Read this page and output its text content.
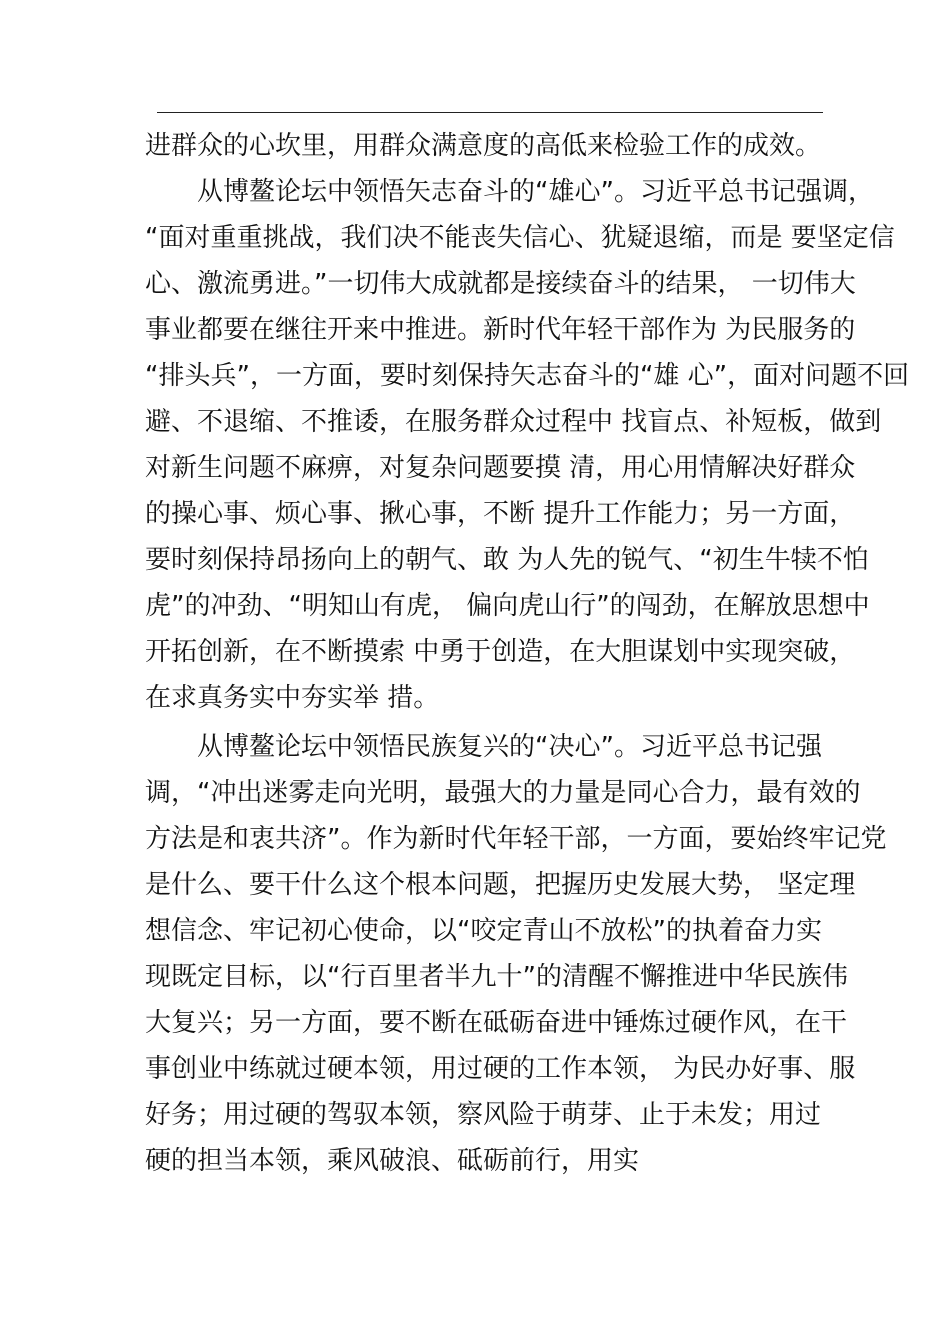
进群众的心坎里，用群众满意度的高低来检验工作的成效。
　　从博鳌论坛中领悟矢志奋斗的“雄心”。习近平总书记强调，
“面对重重挑战，我们决不能丧失信心、犹疑退缩，而是 要坚定信
心、激流勇进。”一切伟大成就都是接续奋斗的结果， 一切伟大
事业都要在继往开来中推进。新时代年轻干部作为 为民服务的
“排头兵”，一方面，要时刻保持矢志奋斗的“雄 心”，面对问题不回
避、不退缩、不推诿，在服务群众过程中 找盲点、补短板，做到
对新生问题不麻痹，对复杂问题要摸 清，用心用情解决好群众
的操心事、烦心事、揪心事，不断 提升工作能力；另一方面，
要时刻保持昂扬向上的朝气、敢 为人先的锐气、“初生牛犊不怕
虎”的冲劲、“明知山有虎， 偏向虎山行”的闯劲，在解放思想中
开拓创新，在不断摸索 中勇于创造，在大胆谋划中实现突破，
在求真务实中夯实举 措。
　　从博鳌论坛中领悟民族复兴的“决心”。习近平总书记强
调，“冲出迷雾走向光明，最强大的力量是同心合力，最有效的
方法是和衷共济”。作为新时代年轻干部，一方面，要始终牢记党
是什么、要干什么这个根本问题，把握历史发展大势， 坚定理
想信念、牢记初心使命，以“咬定青山不放松”的执着奋力实
现既定目标，以“行百里者半九十”的清醒不懈推进中华民族伟
大复兴；另一方面，要不断在砥砺奋进中锤炼过硬作风，在干
事创业中练就过硬本领，用过硬的工作本领， 为民办好事、服
好务；用过硬的驾驭本领，察风险于萌芽、止于未发；用过
硬的担当本领，乘风破浪、砥砺前行，用实
